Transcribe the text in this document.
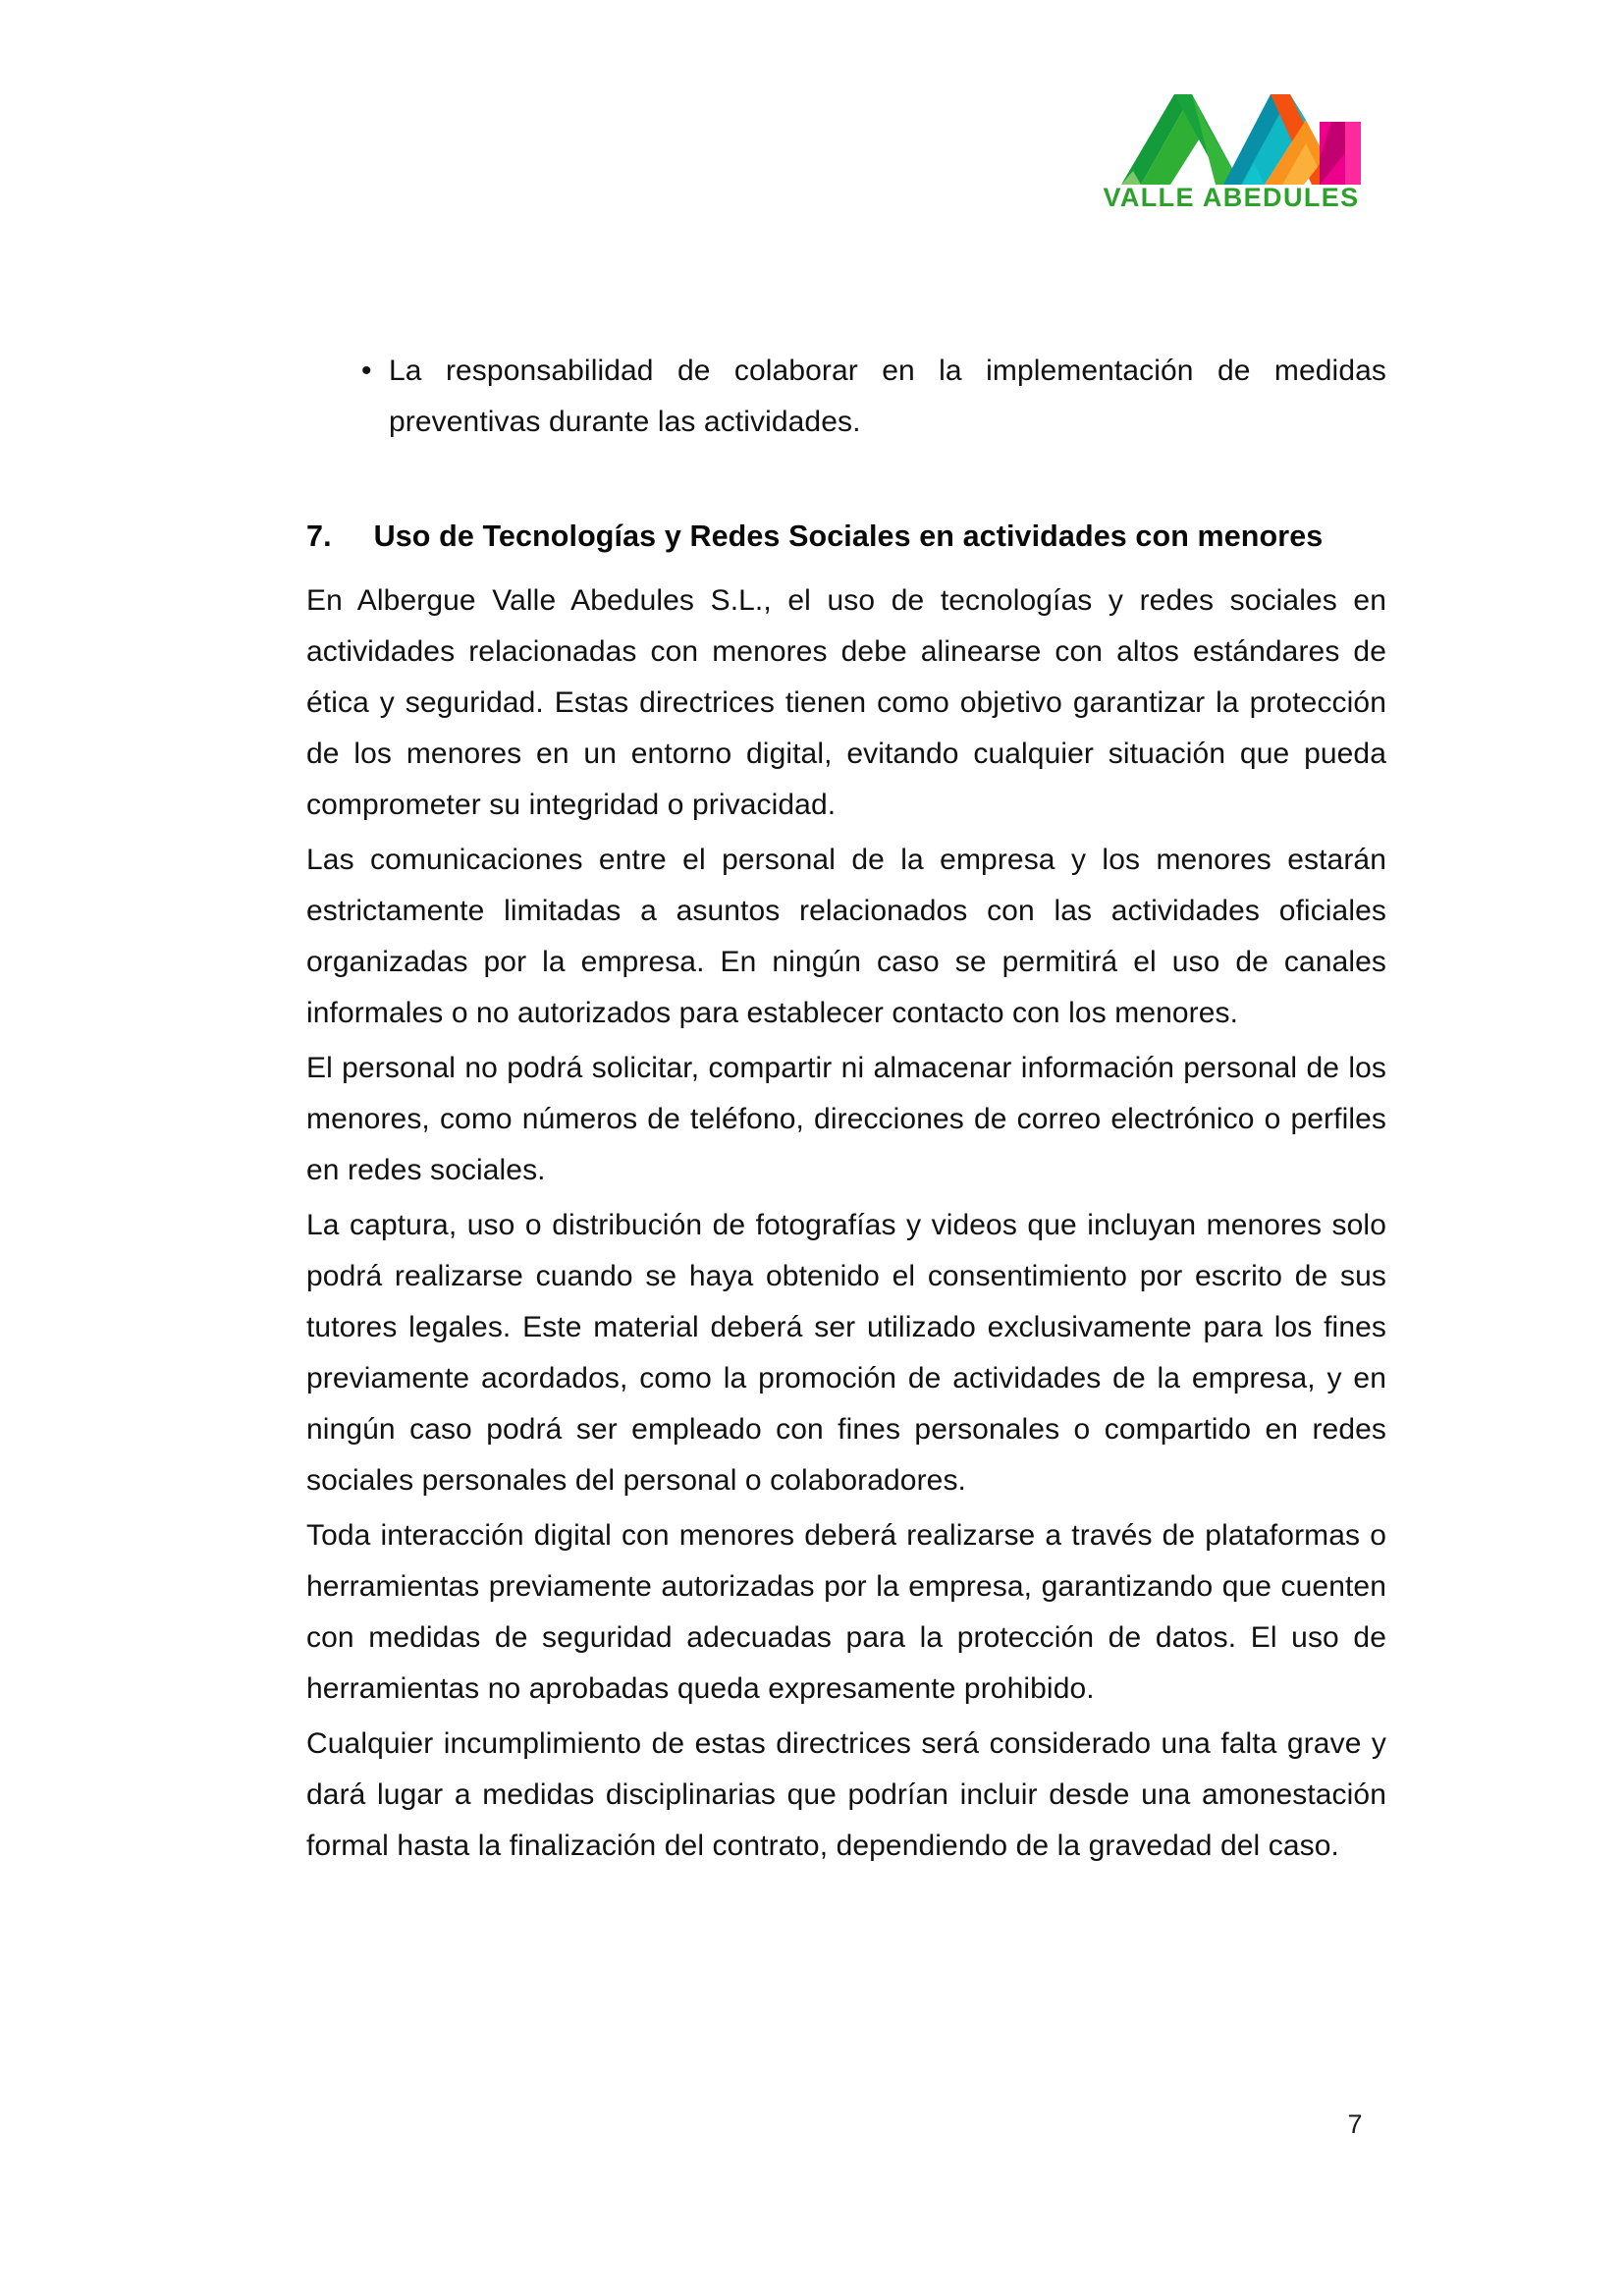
VALLE ABEDULES
• La responsabilidad de colaborar en la implementación de medidas preventivas durante las actividades.
7.	Uso de Tecnologías y Redes Sociales en actividades con menores

En Albergue Valle Abedules S.L., el uso de tecnologías y redes sociales en actividades relacionadas con menores debe alinearse con altos estándares de ética y seguridad. Estas directrices tienen como objetivo garantizar la protección de los menores en un entorno digital, evitando cualquier situación que pueda comprometer su integridad o privacidad.

Las comunicaciones entre el personal de la empresa y los menores estarán estrictamente limitadas a asuntos relacionados con las actividades oficiales organizadas por la empresa. En ningún caso se permitirá el uso de canales informales o no autorizados para establecer contacto con los menores.

El personal no podrá solicitar, compartir ni almacenar información personal de los menores, como números de teléfono, direcciones de correo electrónico o perfiles en redes sociales.

La captura, uso o distribución de fotografías y videos que incluyan menores solo podrá realizarse cuando se haya obtenido el consentimiento por escrito de sus tutores legales. Este material deberá ser utilizado exclusivamente para los fines previamente acordados, como la promoción de actividades de la empresa, y en ningún caso podrá ser empleado con fines personales o compartido en redes sociales personales del personal o colaboradores.

Toda interacción digital con menores deberá realizarse a través de plataformas o herramientas previamente autorizadas por la empresa, garantizando que cuenten con medidas de seguridad adecuadas para la protección de datos. El uso de herramientas no aprobadas queda expresamente prohibido.

Cualquier incumplimiento de estas directrices será considerado una falta grave y dará lugar a medidas disciplinarias que podrían incluir desde una amonestación formal hasta la finalización del contrato, dependiendo de la gravedad del caso.

7
